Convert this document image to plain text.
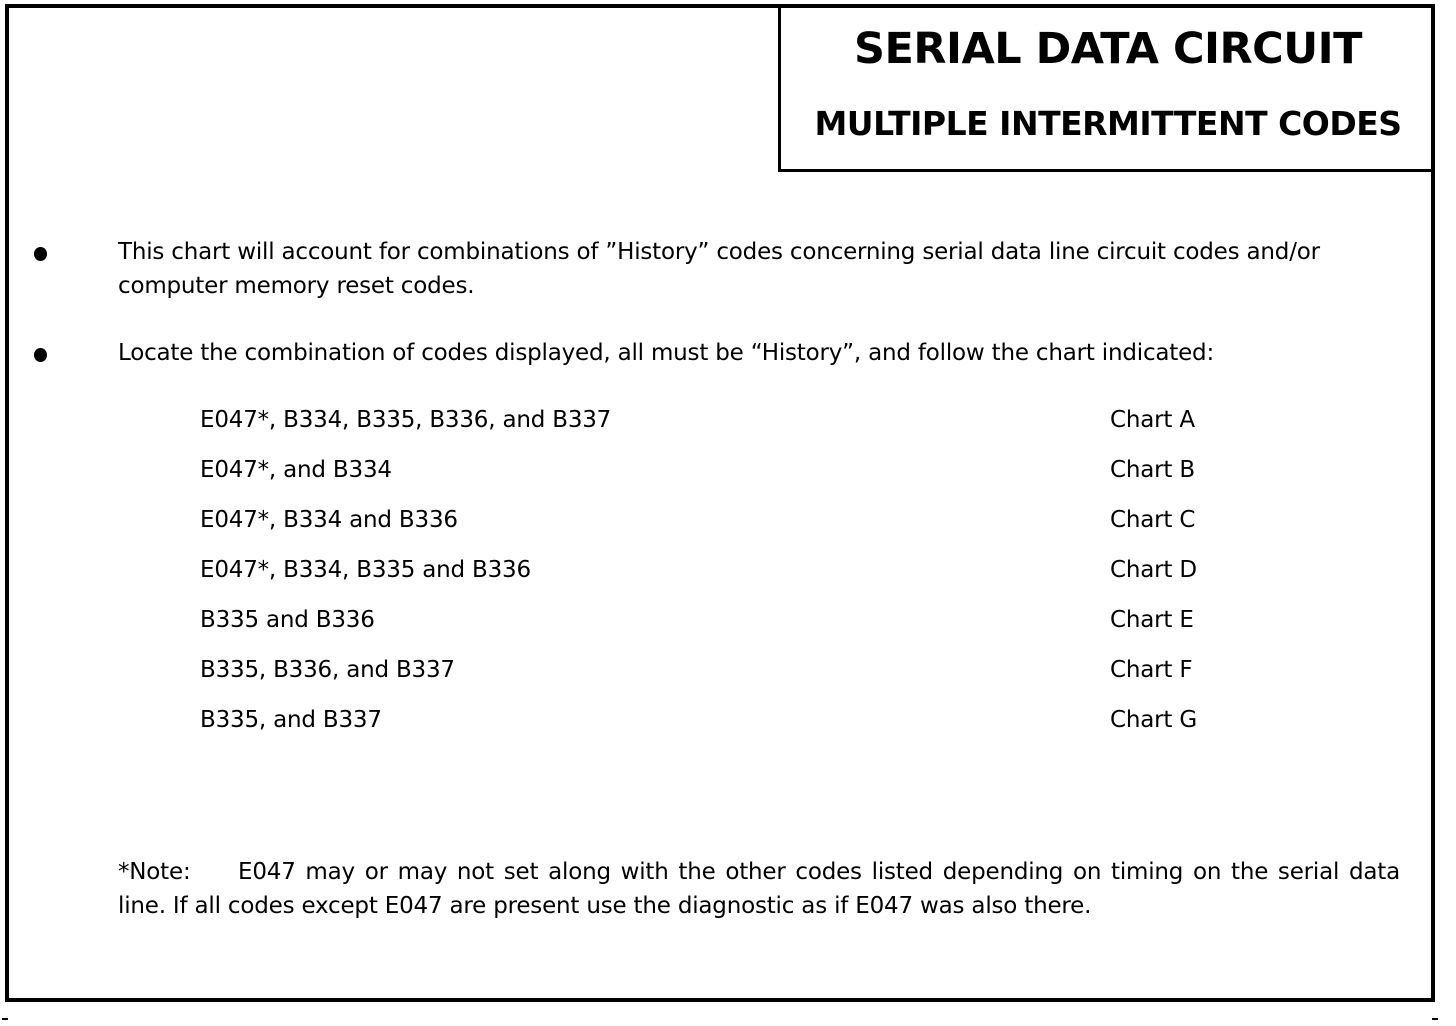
SERIAL DATA CIRCUIT
MULTIPLE INTERMITTENT CODES
This chart will account for combinations of ”History” codes concerning serial data line circuit codes and/or computer memory reset codes.
Locate the combination of codes displayed, all must be “History”, and follow the chart indicated:
E047*, B334, B335, B336, and B337	Chart A
E047*, and B334	Chart B
E047*, B334 and B336	Chart C
E047*, B334, B335 and B336	Chart D
B335 and B336	Chart E
B335, B336, and B337	Chart F
B335, and B337	Chart G
*Note: E047 may or may not set along with the other codes listed depending on timing on the serial data line. If all codes except E047 are present use the diagnostic as if E047 was also there.
